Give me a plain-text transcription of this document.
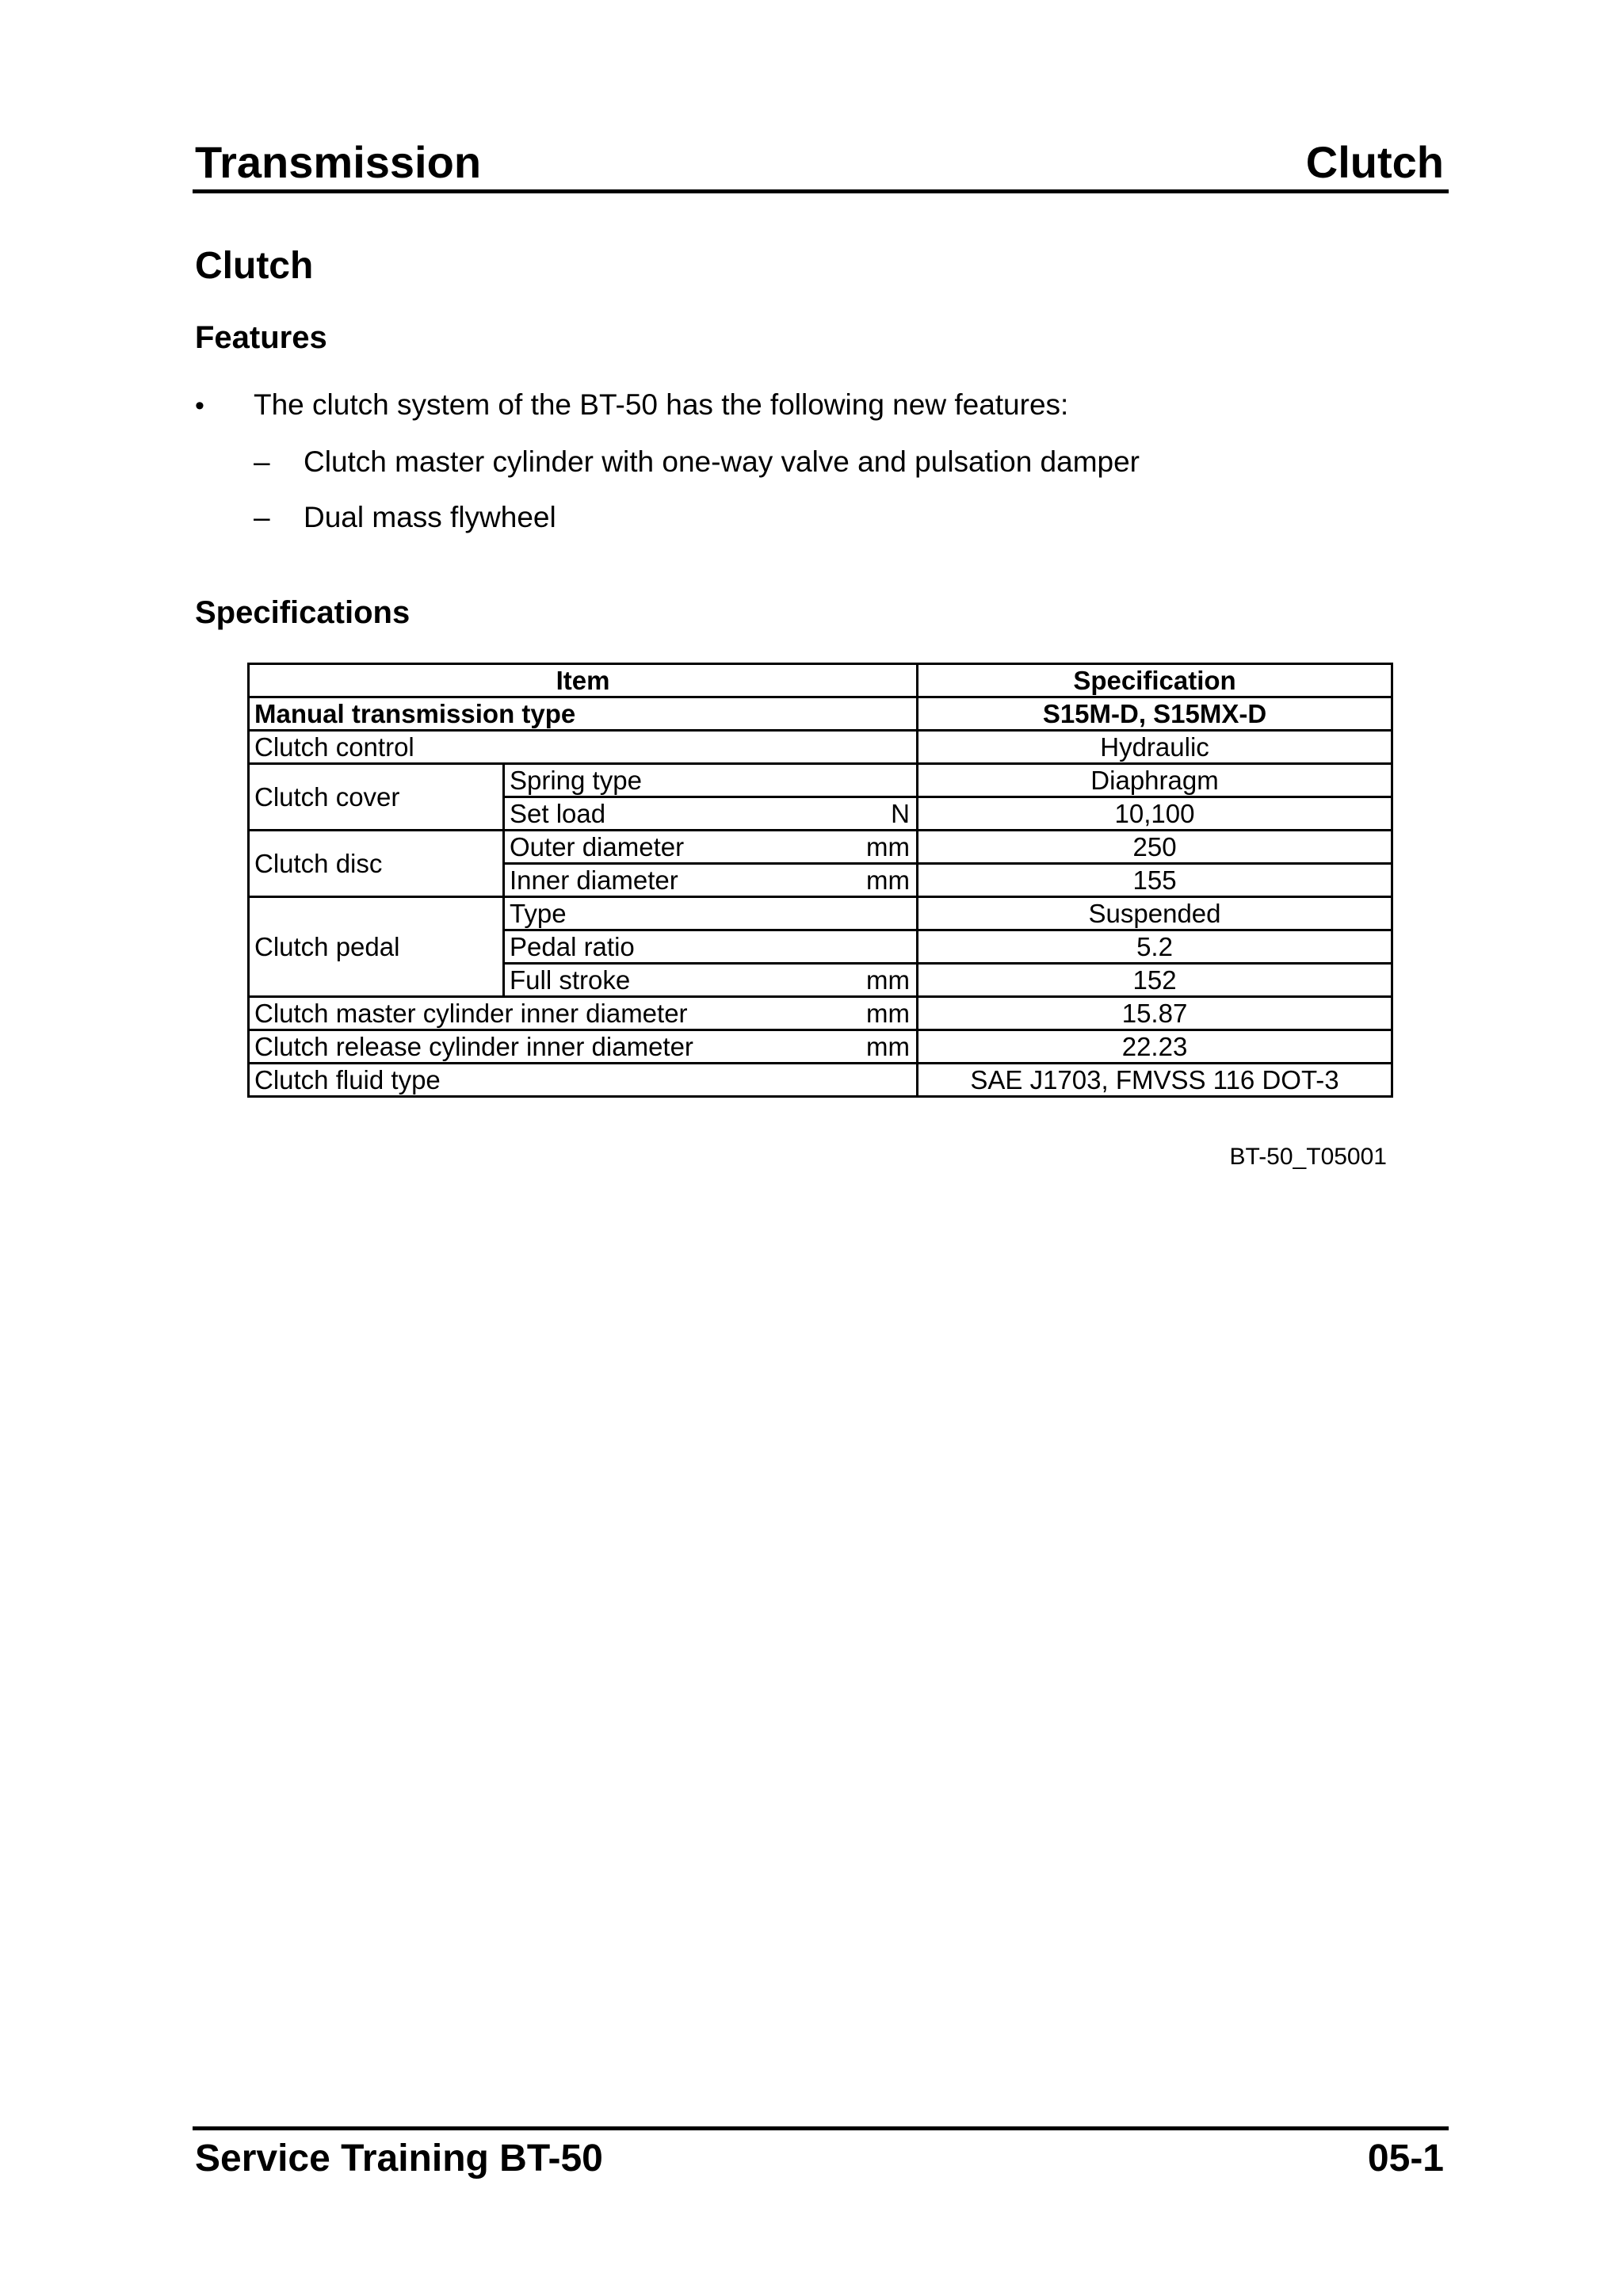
Transmission	Clutch
Clutch
Features
•	The clutch system of the BT-50 has the following new features:
–	Clutch master cylinder with one-way valve and pulsation damper
–	Dual mass flywheel
Specifications
Item		Specification
Manual transmission type		S15M-D, S15MX-D
Clutch control		Hydraulic
Clutch cover	Spring type	Diaphragm
	Set load N	10,100
Clutch disc	Outer diameter mm	250
	Inner diameter mm	155
Clutch pedal	Type	Suspended
	Pedal ratio	5.2
	Full stroke mm	152
Clutch master cylinder inner diameter mm		15.87
Clutch release cylinder inner diameter mm		22.23
Clutch fluid type		SAE J1703, FMVSS 116 DOT-3
BT-50_T05001
Service Training BT-50	05-1
